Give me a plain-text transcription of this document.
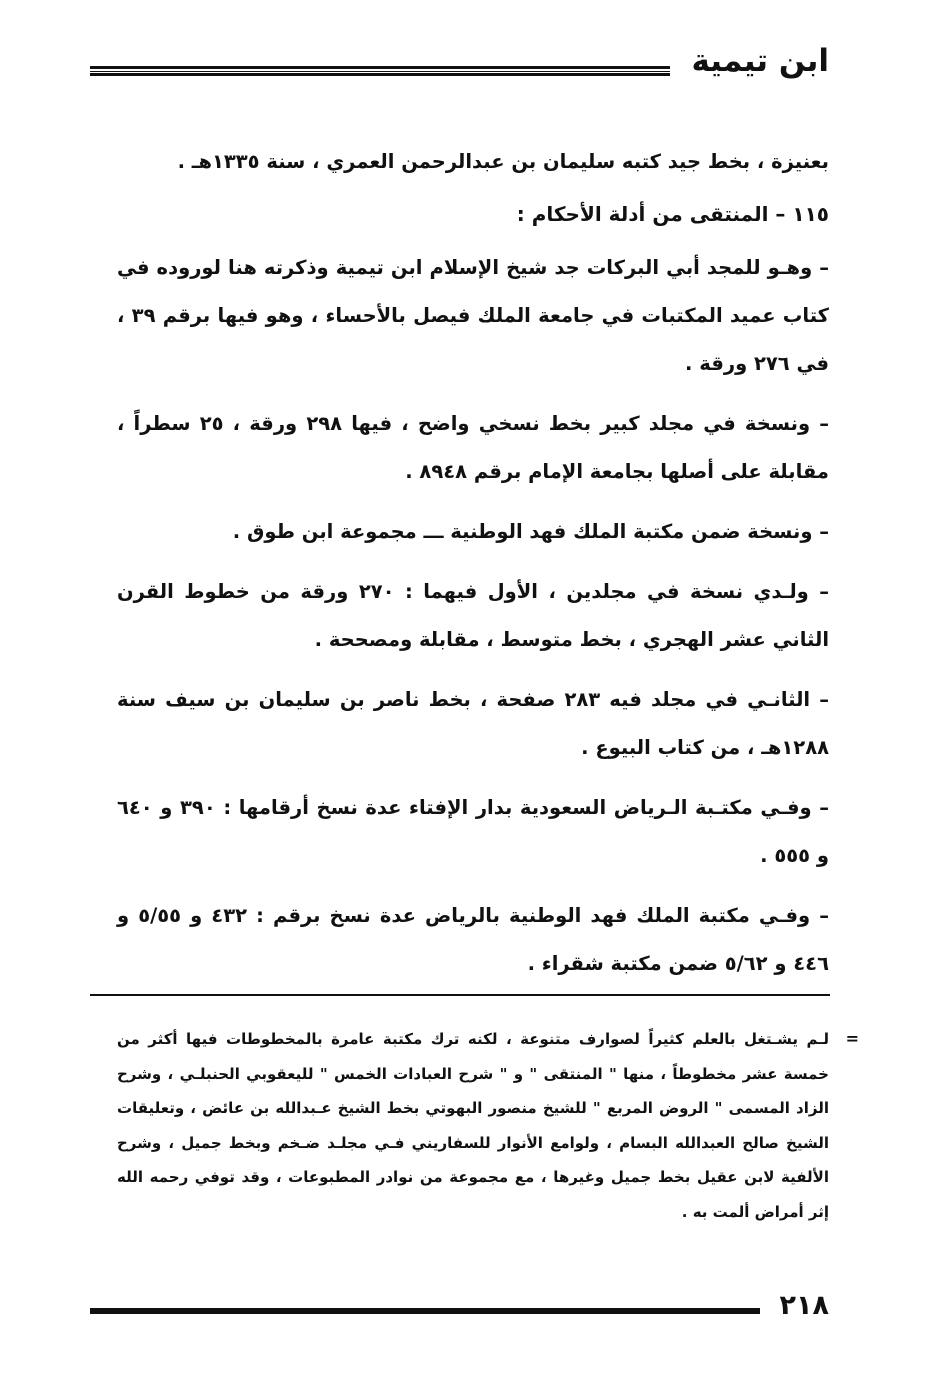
ابن تيمية

بعنيزة ، بخط جيد كتبه سليمان بن عبدالرحمن العمري ، سنة ١٣٣٥هـ .

١١٥ – المنتقى من أدلة الأحكام :

– وهـو للمجد أبي البركات جد شيخ الإسلام ابن تيمية وذكرته هنا لوروده في كتاب عميد المكتبات في جامعة الملك فيصل بالأحساء ، وهو فيها برقم ٣٩ ، في ٢٧٦ ورقة .

– ونسخة في مجلد كبير بخط نسخي واضح ، فيها ٢٩٨ ورقة ، ٢٥ سطراً ، مقابلة على أصلها بجامعة الإمام برقم ٨٩٤٨ .

– ونسخة ضمن مكتبة الملك فهد الوطنية ـــ مجموعة ابن طوق .

– ولـدي نسخة في مجلدين ، الأول فيهما : ٢٧٠ ورقة من خطوط القرن الثاني عشر الهجري ، بخط متوسط ، مقابلة ومصححة .

– الثانـي في مجلد فيه ٢٨٣ صفحة ، بخط ناصر بن سليمان بن سيف سنة ١٢٨٨هـ ، من كتاب البيوع .

– وفـي مكتـبة الـرياض السعودية بدار الإفتاء عدة نسخ أرقامها : ٣٩٠ و ٦٤٠ و ٥٥٥ .

– وفـي مكتبة الملك فهد الوطنية بالرياض عدة نسخ برقم : ٤٣٢ و ٥/٥٥ و ٤٤٦ و ٥/٦٢ ضمن مكتبة شقراء .

=
لـم يشـتغل بالعلم كثيراً لصوارف متنوعة ، لكنه ترك مكتبة عامرة بالمخطوطات فيها أكثر من خمسة عشر مخطوطاً ، منها " المنتقى " و " شرح العبادات الخمس " لليعقوبي الحنبلـي ، وشرح الزاد المسمى " الروض المربع " للشيخ منصور البهوتي بخط الشيخ عـبدالله بن عائض ، وتعليقات الشيخ صالح العبدالله البسام ، ولوامع الأنوار للسفاريني فـي مجلـد ضـخم وبخط جميل ، وشرح الألفية لابن عقيل بخط جميل وغيرها ، مع مجموعة من نوادر المطبوعات ، وقد توفي رحمه الله إثر أمراض ألمت به .
٢١٨
